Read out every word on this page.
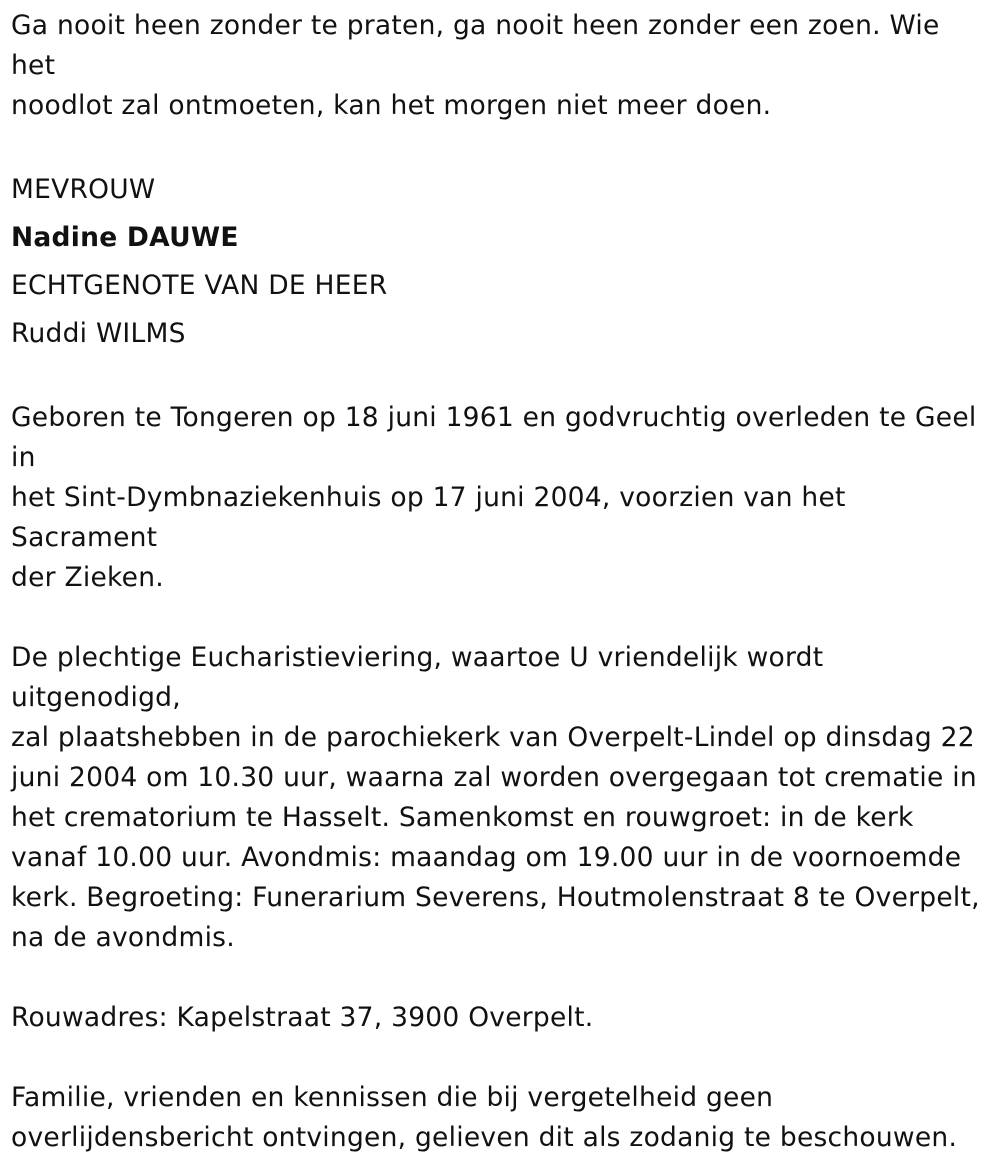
Ga nooit heen zonder te praten, ga nooit heen zonder een zoen. Wie het

noodlot zal ontmoeten, kan het morgen niet meer doen.

MEVROUW

Nadine DAUWE

ECHTGENOTE VAN DE HEER

Ruddi WILMS

Geboren te Tongeren op 18 juni 1961 en godvruchtig overleden te Geel in

het Sint-Dymbnaziekenhuis op 17 juni 2004, voorzien van het Sacrament

der Zieken.

De plechtige Eucharistieviering, waartoe U vriendelijk wordt uitgenodigd,

zal plaatshebben in de parochiekerk van Overpelt-Lindel op dinsdag 22

juni 2004 om 10.30 uur, waarna zal worden overgegaan tot crematie in

het crematorium te Hasselt. Samenkomst en rouwgroet: in de kerk

vanaf 10.00 uur. Avondmis: maandag om 19.00 uur in de voornoemde

kerk. Begroeting: Funerarium Severens, Houtmolenstraat 8 te Overpelt,

na de avondmis.

Rouwadres: Kapelstraat 37, 3900 Overpelt.

Familie, vrienden en kennissen die bij vergetelheid geen

overlijdensbericht ontvingen, gelieven dit als zodanig te beschouwen.
